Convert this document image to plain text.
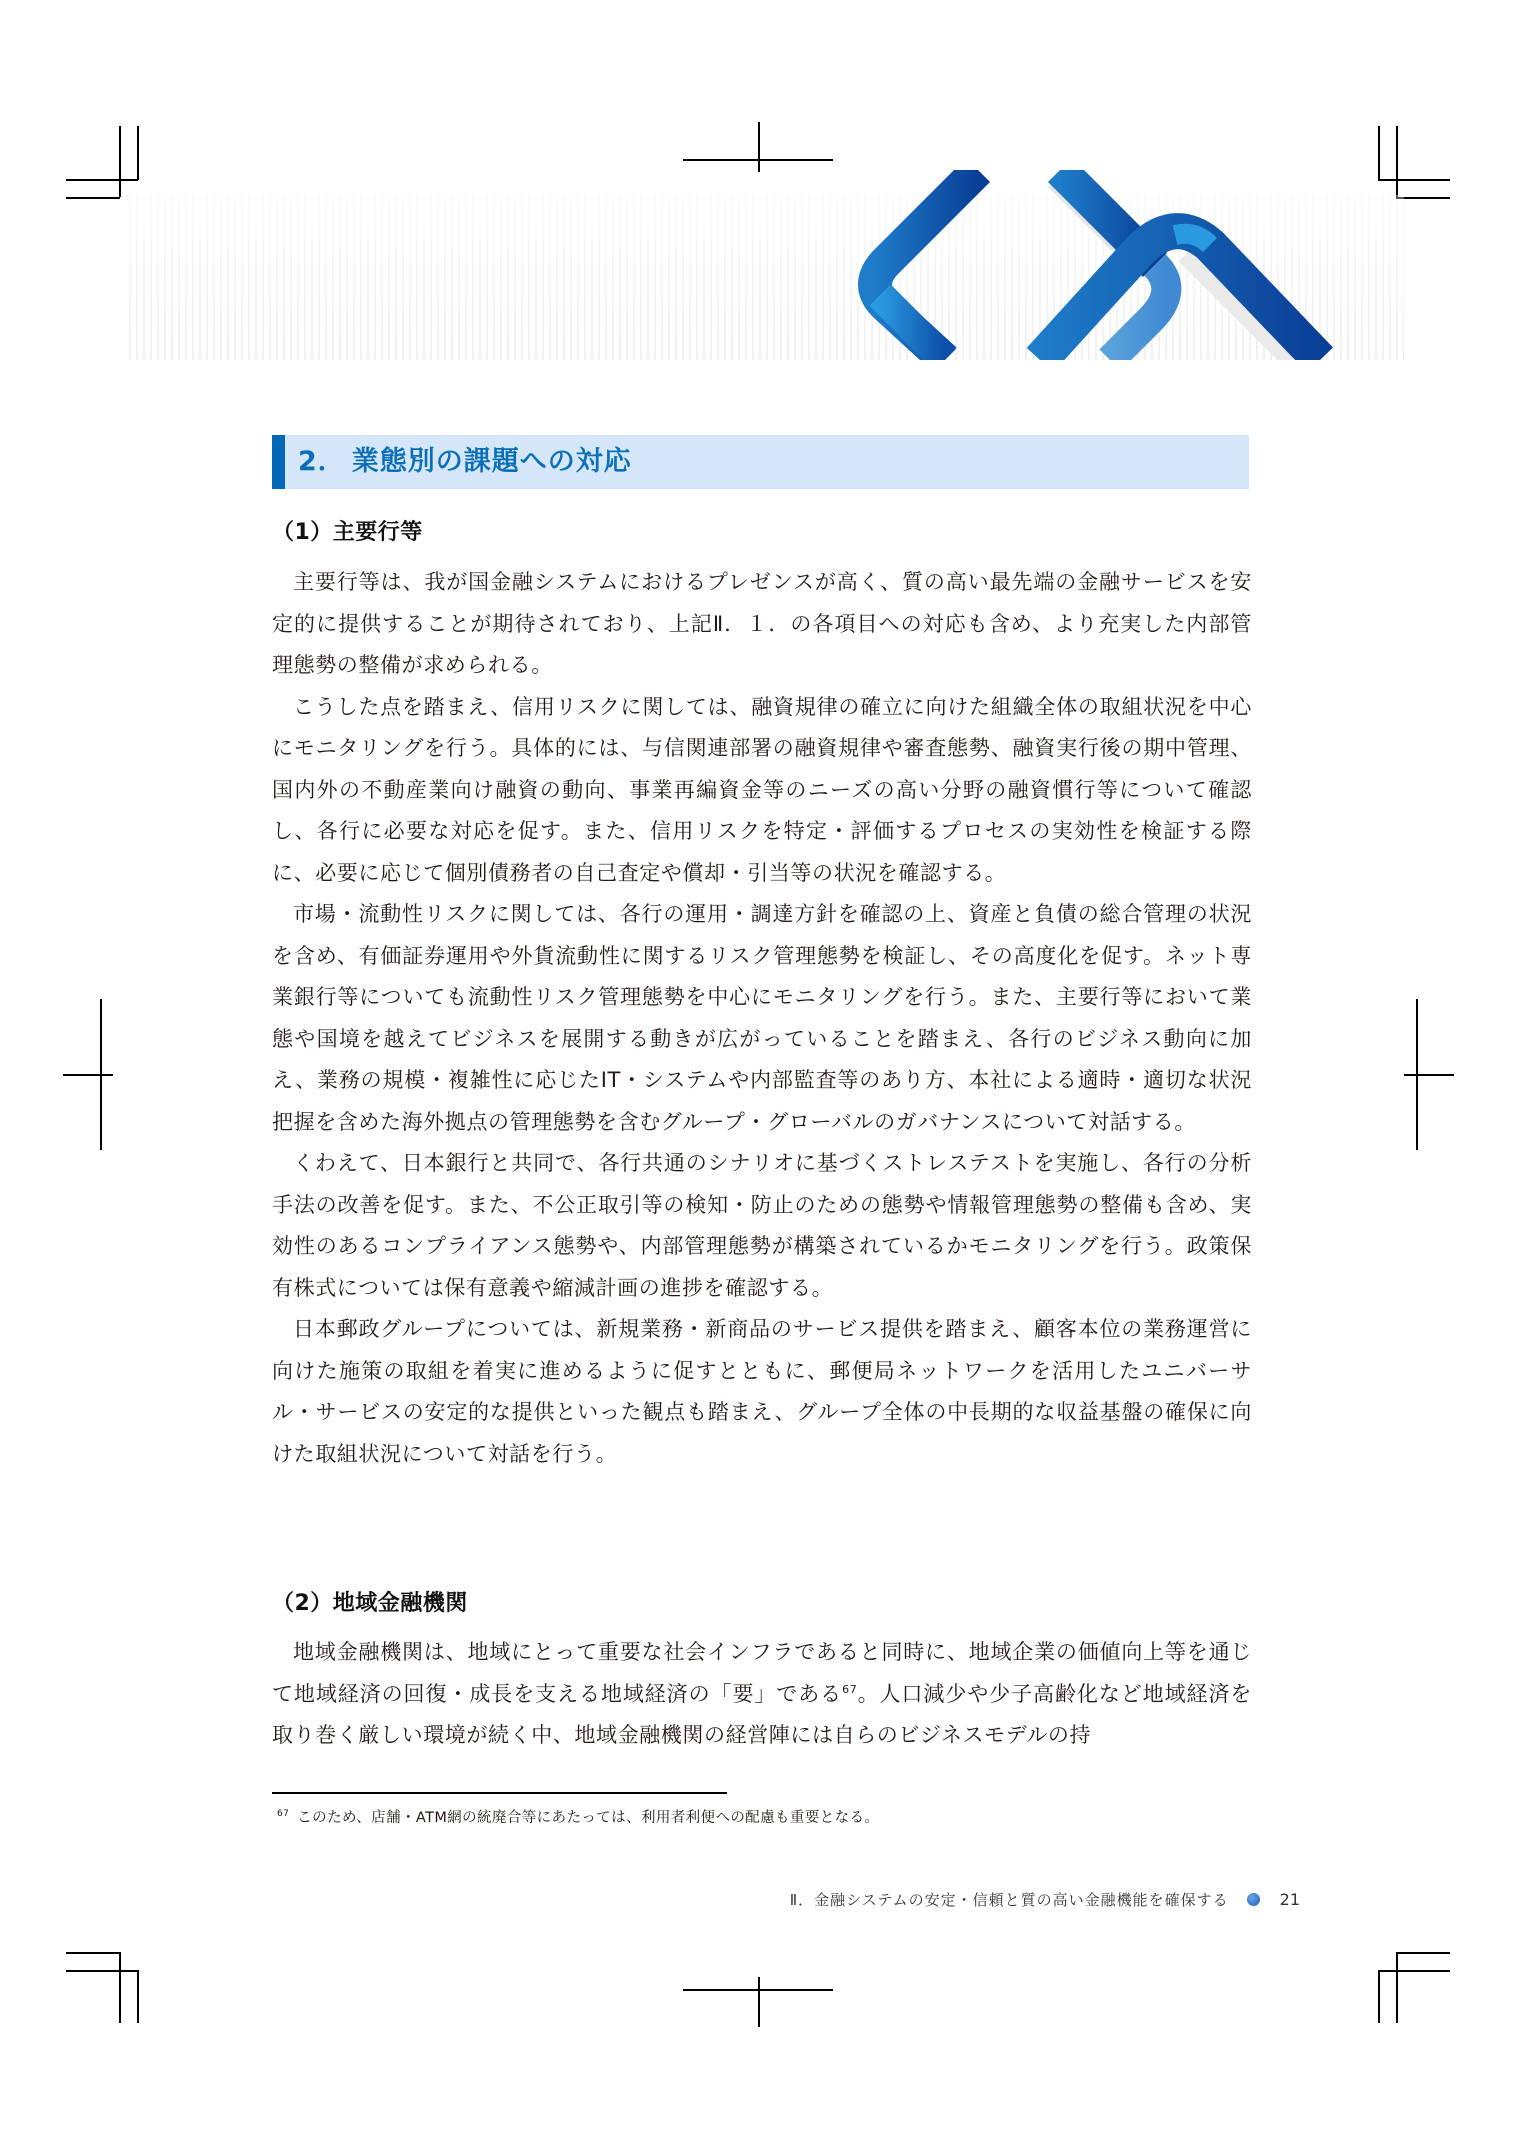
2． 業態別の課題への対応
（1）主要行等

主要行等は、我が国金融システムにおけるプレゼンスが高く、質の高い最先端の金融サービスを安定的に提供することが期待されており、上記Ⅱ．１．の各項目への対応も含め、より充実した内部管理態勢の整備が求められる。

こうした点を踏まえ、信用リスクに関しては、融資規律の確立に向けた組織全体の取組状況を中心にモニタリングを行う。具体的には、与信関連部署の融資規律や審査態勢、融資実行後の期中管理、国内外の不動産業向け融資の動向、事業再編資金等のニーズの高い分野の融資慣行等について確認し、各行に必要な対応を促す。また、信用リスクを特定・評価するプロセスの実効性を検証する際に、必要に応じて個別債務者の自己査定や償却・引当等の状況を確認する。

市場・流動性リスクに関しては、各行の運用・調達方針を確認の上、資産と負債の総合管理の状況を含め、有価証券運用や外貨流動性に関するリスク管理態勢を検証し、その高度化を促す。ネット専業銀行等についても流動性リスク管理態勢を中心にモニタリングを行う。また、主要行等において業態や国境を越えてビジネスを展開する動きが広がっていることを踏まえ、各行のビジネス動向に加え、業務の規模・複雑性に応じたIT・システムや内部監査等のあり方、本社による適時・適切な状況把握を含めた海外拠点の管理態勢を含むグループ・グローバルのガバナンスについて対話する。

くわえて、日本銀行と共同で、各行共通のシナリオに基づくストレステストを実施し、各行の分析手法の改善を促す。また、不公正取引等の検知・防止のための態勢や情報管理態勢の整備も含め、実効性のあるコンプライアンス態勢や、内部管理態勢が構築されているかモニタリングを行う。政策保有株式については保有意義や縮減計画の進捗を確認する。

日本郵政グループについては、新規業務・新商品のサービス提供を踏まえ、顧客本位の業務運営に向けた施策の取組を着実に進めるように促すとともに、郵便局ネットワークを活用したユニバーサル・サービスの安定的な提供といった観点も踏まえ、グループ全体の中長期的な収益基盤の確保に向けた取組状況について対話を行う。

（2）地域金融機関

地域金融機関は、地域にとって重要な社会インフラであると同時に、地域企業の価値向上等を通じて地域経済の回復・成長を支える地域経済の「要」である$^{67}$。人口減少や少子高齢化など地域経済を取り巻く厳しい環境が続く中、地域金融機関の経営陣には自らのビジネスモデルの持

$^{67}$ このため、店舗・ATM網の統廃合等にあたっては、利用者利便への配慮も重要となる。
Ⅱ．金融システムの安定・信頼と質の高い金融機能を確保する	21
